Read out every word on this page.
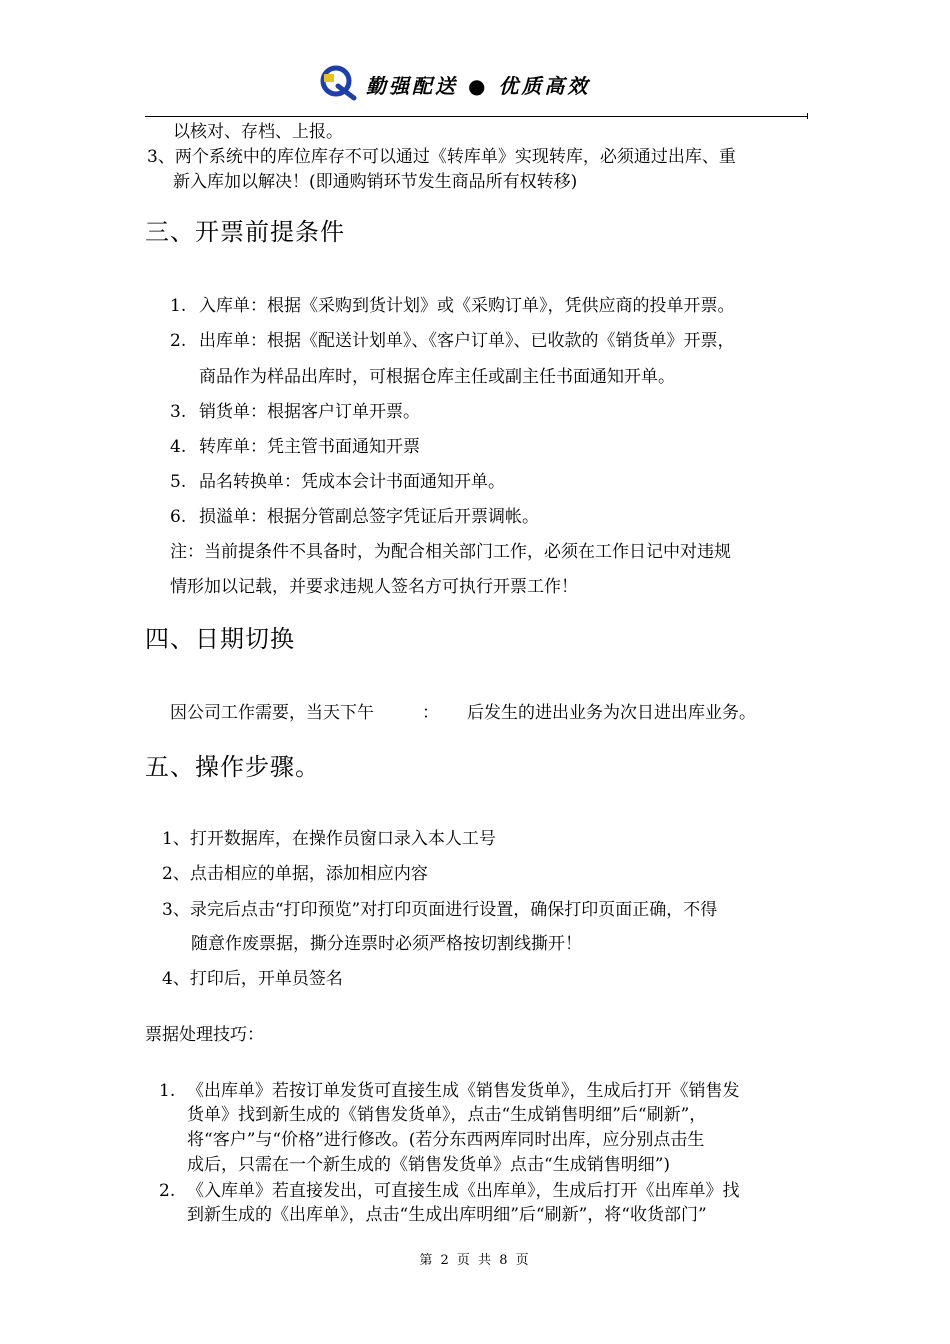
勤强配送 ● 优质高效
以核对、存档、上报。
3、两个系统中的库位库存不可以通过《转库单》实现转库，必须通过出库、重
新入库加以解决！(即通购销环节发生商品所有权转移)
三、开票前提条件
1. 入库单：根据《采购到货计划》或《采购订单》，凭供应商的投单开票。
2. 出库单：根据《配送计划单》、《客户订单》、已收款的《销货单》开票，
商品作为样品出库时，可根据仓库主任或副主任书面通知开单。
3. 销货单：根据客户订单开票。
4. 转库单：凭主管书面通知开票
5. 品名转换单：凭成本会计书面通知开单。
6. 损溢单：根据分管副总签字凭证后开票调帐。
注：当前提条件不具备时，为配合相关部门工作，必须在工作日记中对违规
情形加以记载，并要求违规人签名方可执行开票工作！
四、日期切换
因公司工作需要，当天下午	： 后发生的进出业务为次日进出库业务。
五、操作步骤。
1、打开数据库，在操作员窗口录入本人工号
2、点击相应的单据，添加相应内容
3、录完后点击“打印预览”对打印页面进行设置，确保打印页面正确，不得
随意作废票据，撕分连票时必须严格按切割线撕开！
4、打印后，开单员签名
票据处理技巧：
1. 《出库单》若按订单发货可直接生成《销售发货单》，生成后打开《销售发
货单》找到新生成的《销售发货单》，点击“生成销售明细”后“刷新”，
将“客户”与“价格”进行修改。(若分东西两库同时出库，应分别点击生
成后，只需在一个新生成的《销售发货单》点击“生成销售明细”)
2. 《入库单》若直接发出，可直接生成《出库单》，生成后打开《出库单》找
到新生成的《出库单》，点击“生成出库明细”后“刷新”，将“收货部门”
第 2 页 共 8 页
